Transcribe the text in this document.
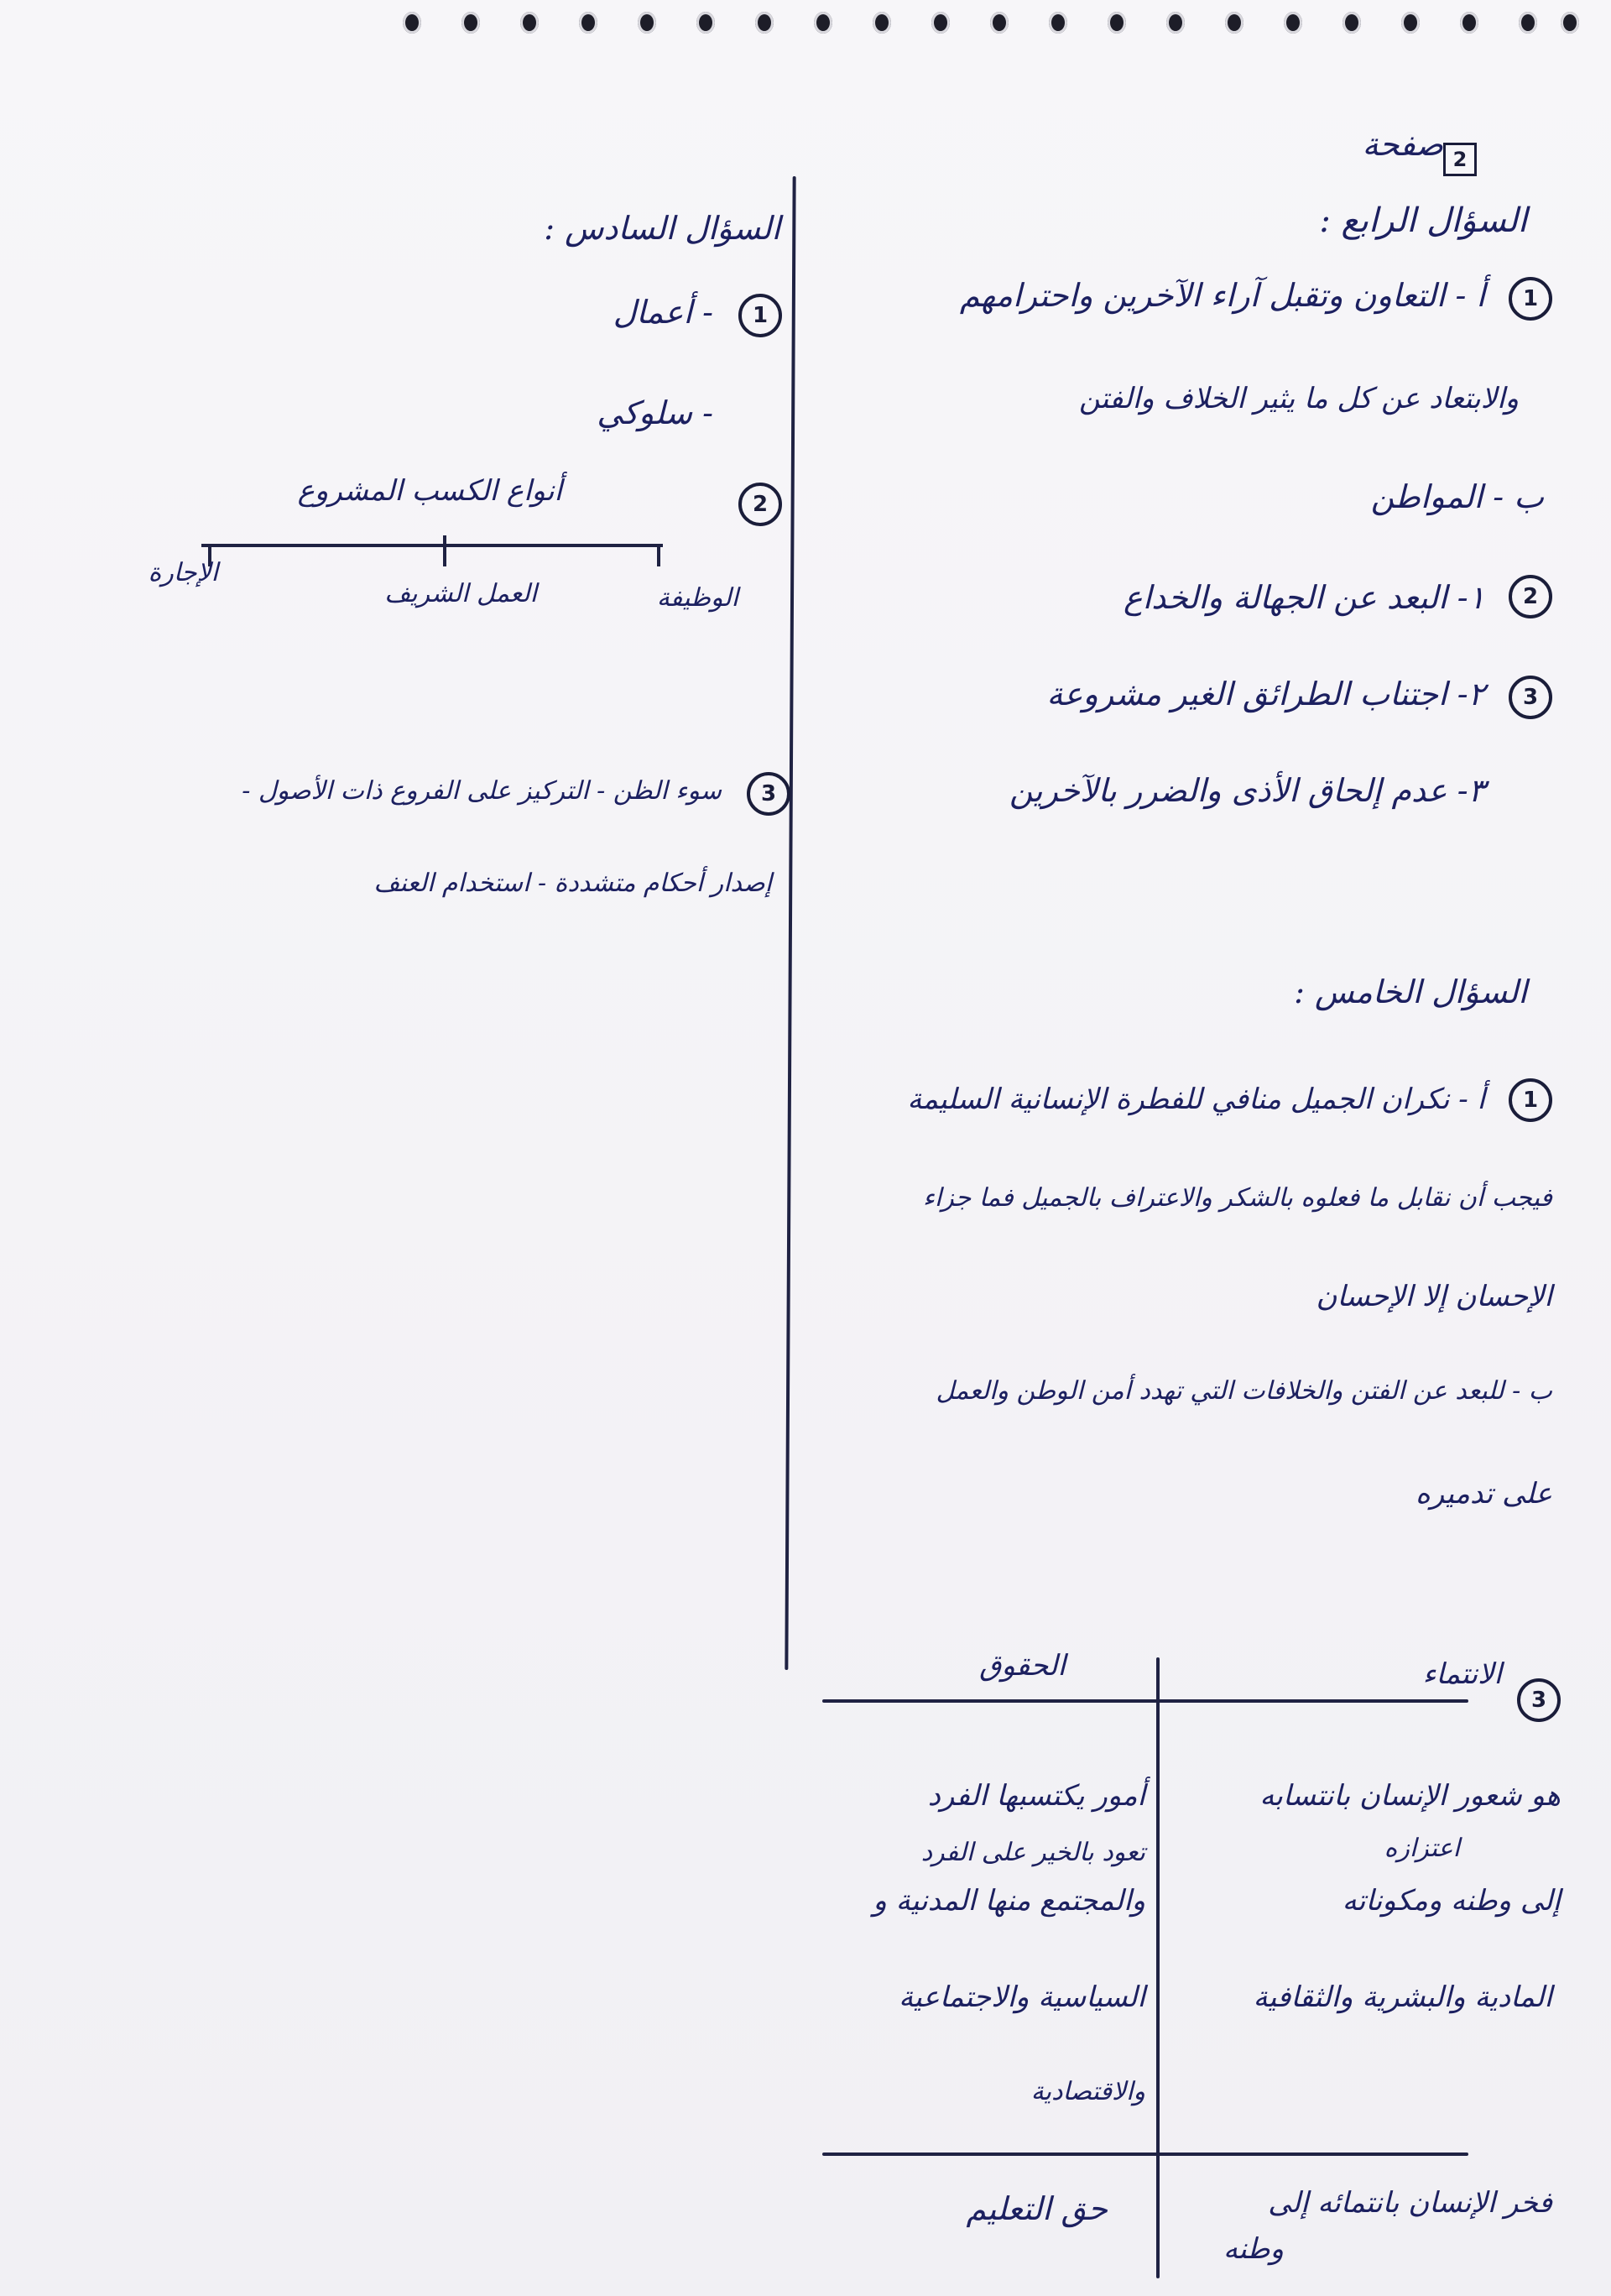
صفحة 2
السؤال الرابع :
1
أ - التعاون وتقبل آراء الآخرين واحترامهم
والابتعاد عن كل ما يثير الخلاف والفتن
ب - المواطن
2
١- البعد عن الجهالة والخداع
3
٢- اجتناب الطرائق الغير مشروعة
٣- عدم إلحاق الأذى والضرر بالآخرين
السؤال الخامس :
1
أ - نكران الجميل منافي للفطرة الإنسانية السليمة
فيجب أن نقابل ما فعلوه بالشكر والاعتراف بالجميل فما جزاء
الإحسان إلا الإحسان
ب - للبعد عن الفتن والخلافات التي تهدد أمن الوطن والعمل
على تدميره
3
الانتماء
الحقوق
هو شعور الإنسان بانتسابه
اعتزازه
إلى وطنه ومكوناته
المادية والبشرية والثقافية
أمور يكتسبها الفرد
تعود بالخير على الفرد
والمجتمع منها المدنية و
السياسية والاجتماعية
والاقتصادية
فخر الإنسان بانتمائه إلى
وطنه
حق التعليم
السؤال السادس :
1
- أعمال
- سلوكي
2
أنواع الكسب المشروع
الوظيفة
العمل الشريف
الإجارة
3
سوء الظن - التركيز على الفروع ذات الأصول -
إصدار أحكام متشددة - استخدام العنف
